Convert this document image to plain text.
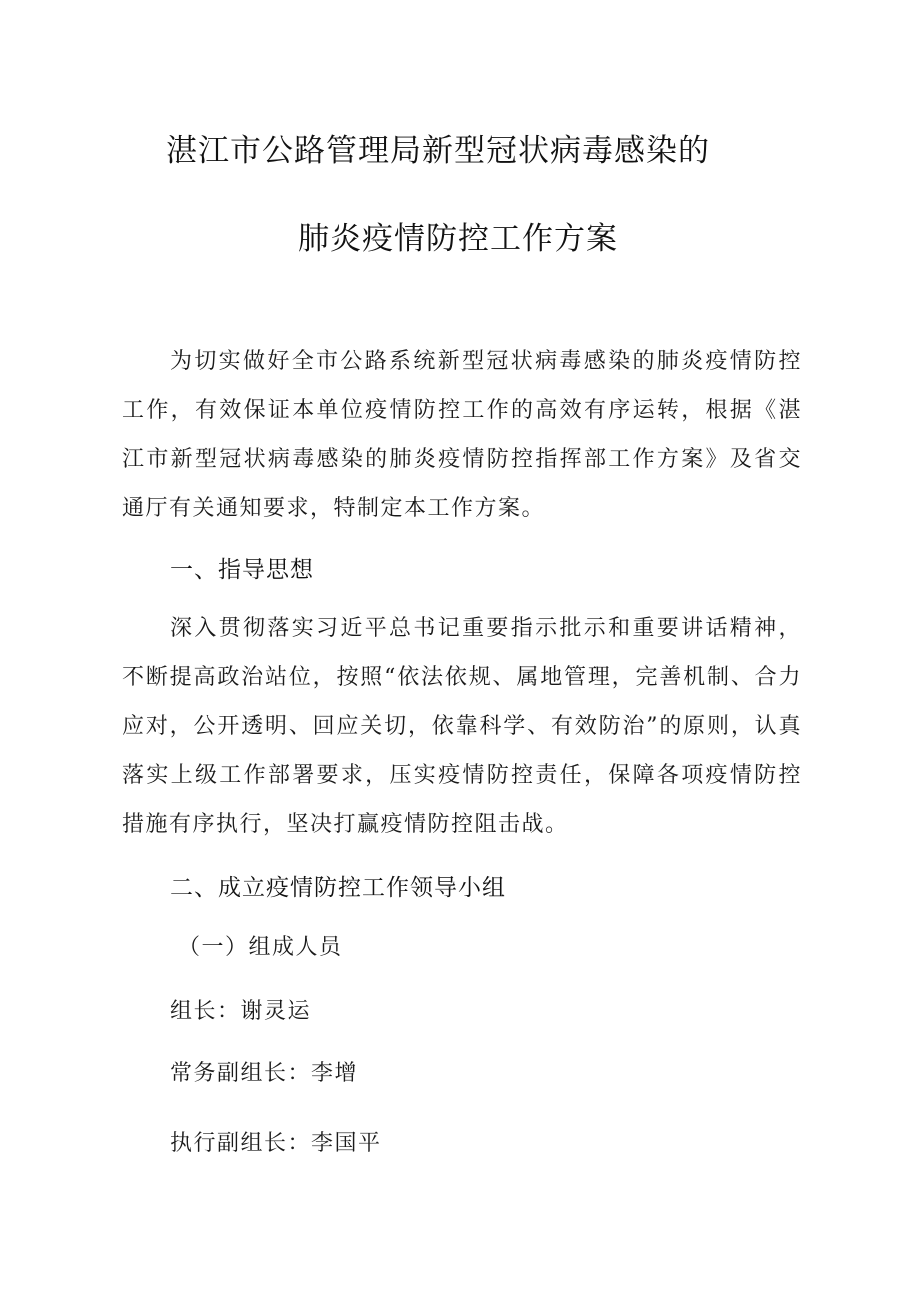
湛江市公路管理局新型冠状病毒感染的
肺炎疫情防控工作方案
为切实做好全市公路系统新型冠状病毒感染的肺炎疫情防控工作，有效保证本单位疫情防控工作的高效有序运转，根据《湛江市新型冠状病毒感染的肺炎疫情防控指挥部工作方案》及省交通厅有关通知要求，特制定本工作方案。
一、指导思想
深入贯彻落实习近平总书记重要指示批示和重要讲话精神，不断提高政治站位，按照“依法依规、属地管理，完善机制、合力应对，公开透明、回应关切，依靠科学、有效防治”的原则，认真落实上级工作部署要求，压实疫情防控责任，保障各项疫情防控措施有序执行，坚决打赢疫情防控阻击战。
二、成立疫情防控工作领导小组
（一）组成人员
组长：谢灵运
常务副组长：李增
执行副组长：李国平
